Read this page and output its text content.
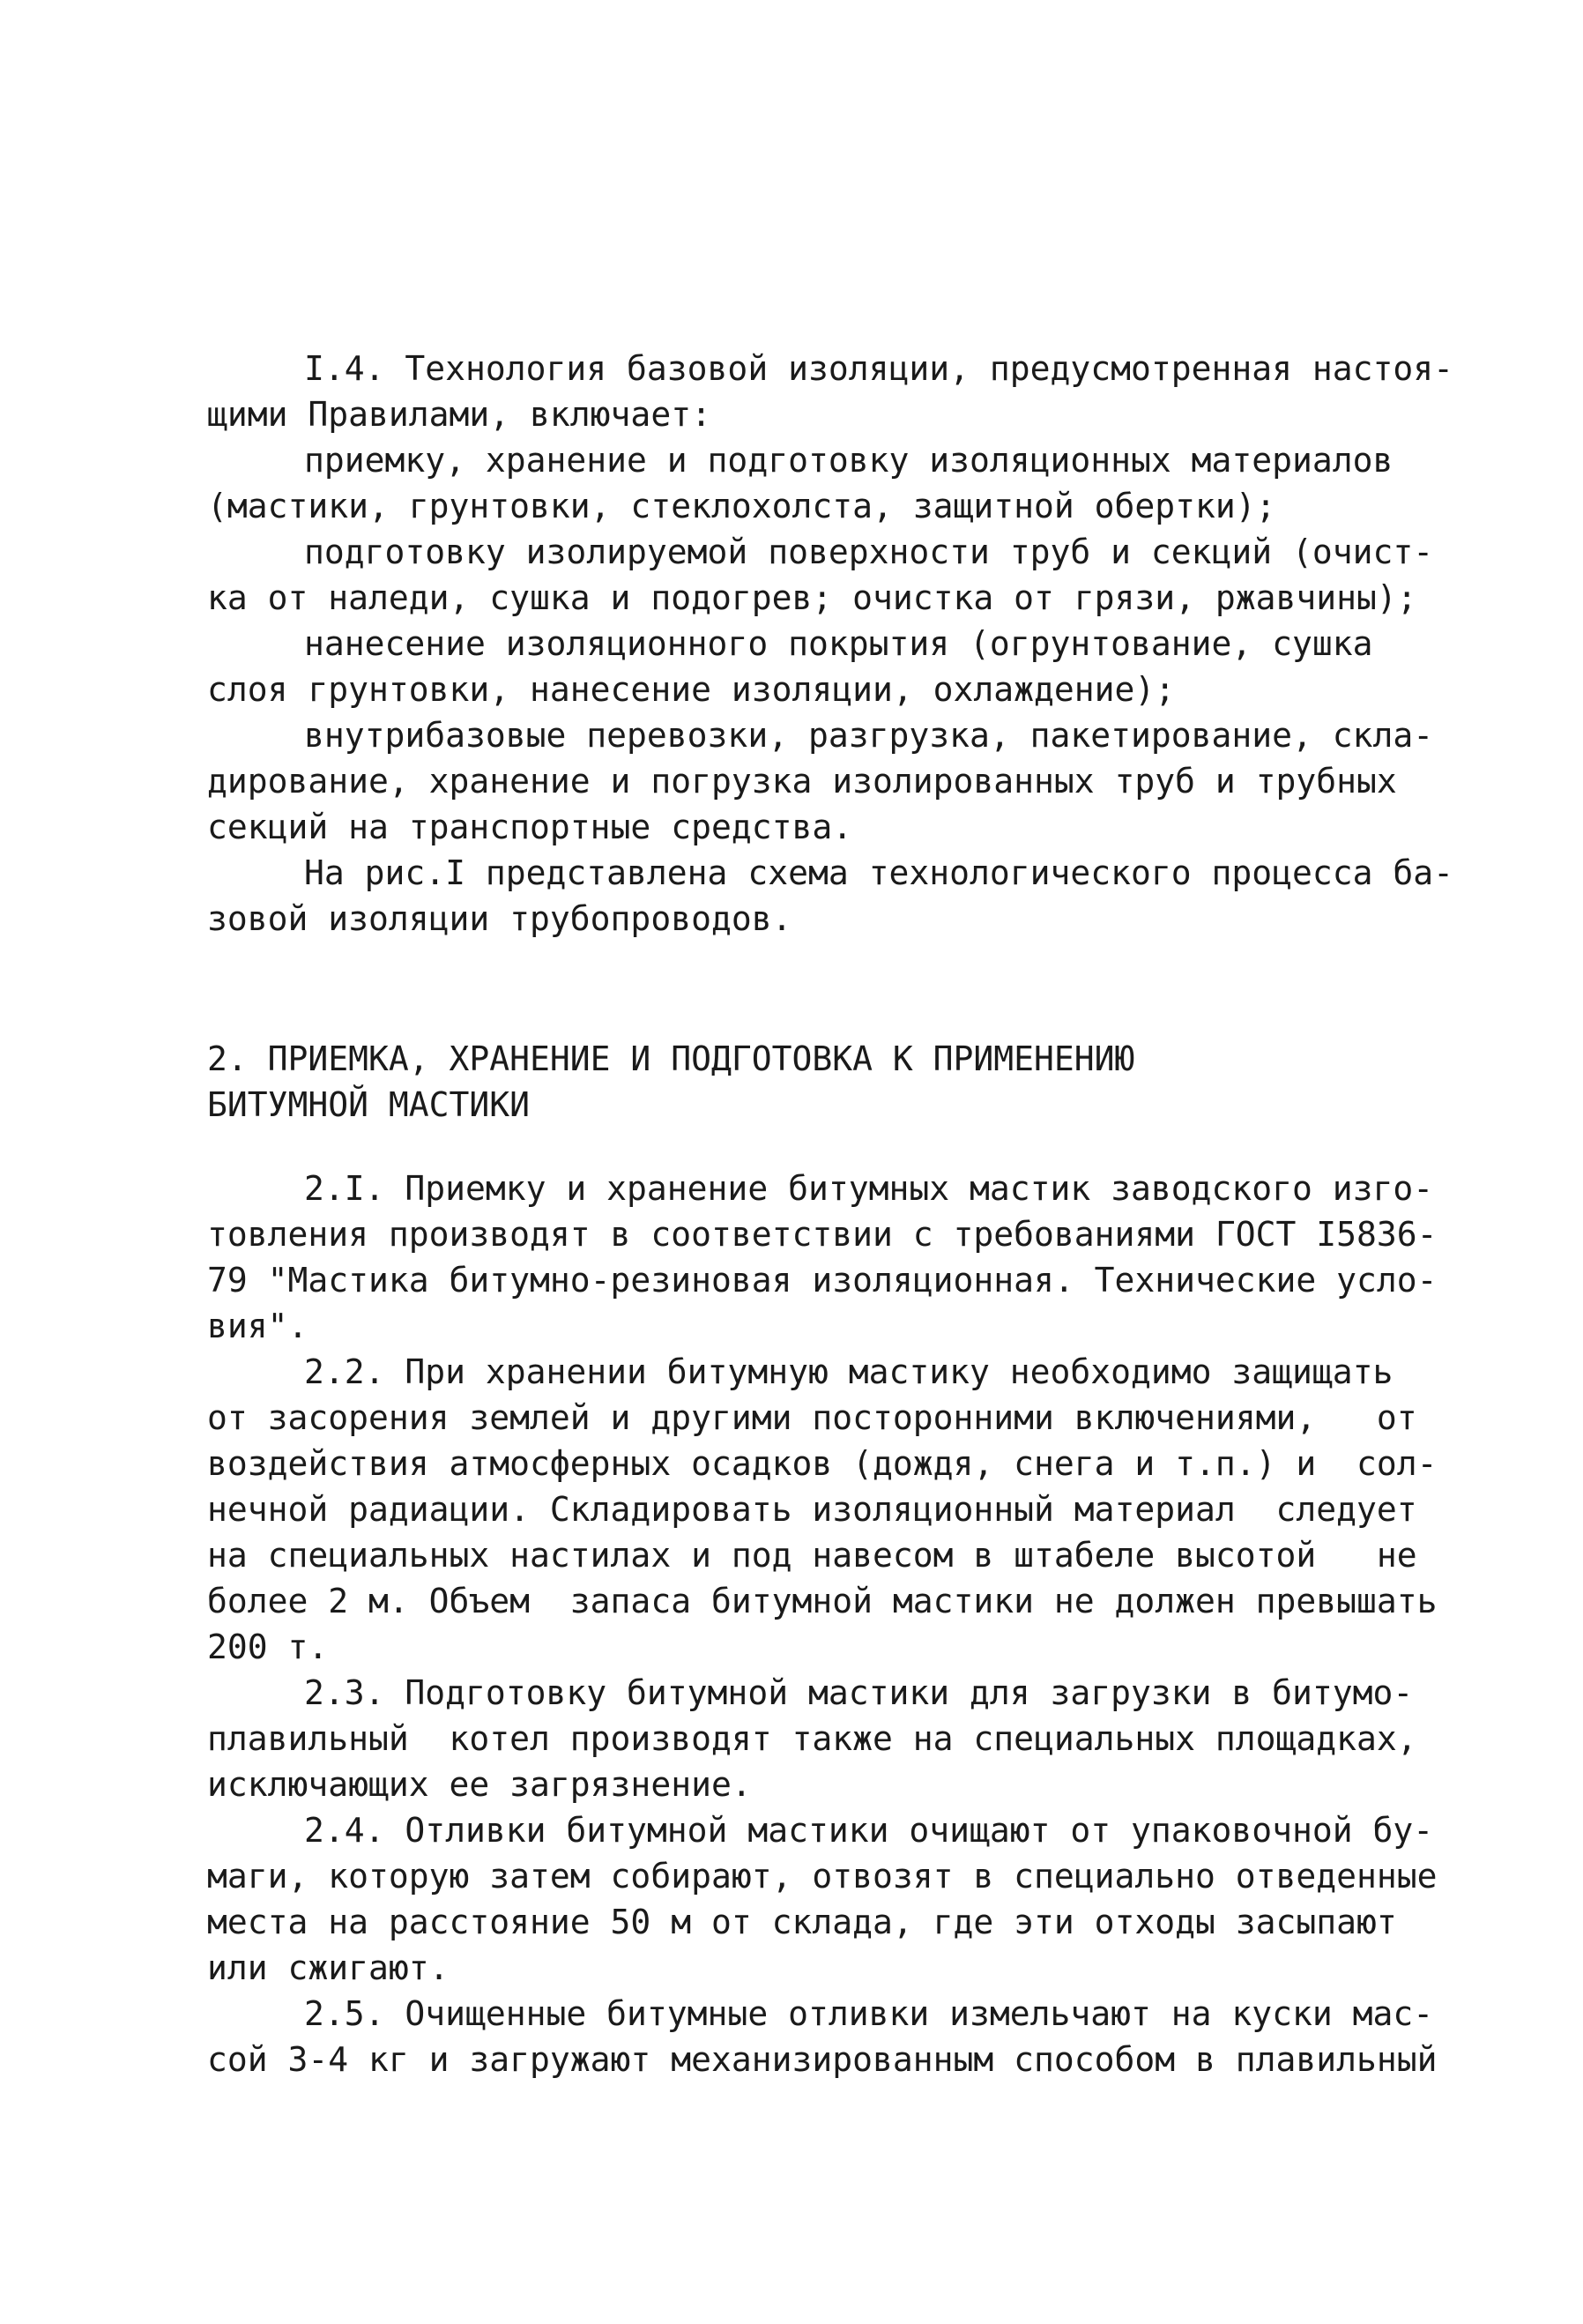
I.4. Технология базовой изоляции, предусмотренная настоя-
щими Правилами, включает:
приемку, хранение и подготовку изоляционных материалов
(мастики, грунтовки, стеклохолста, защитной обертки);
подготовку изолируемой поверхности труб и секций (очист-
ка от наледи, сушка и подогрев; очистка от грязи, ржавчины);
нанесение изоляционного покрытия (огрунтование, сушка
слоя грунтовки, нанесение изоляции, охлаждение);
внутрибазовые перевозки, разгрузка, пакетирование, скла-
дирование, хранение и погрузка изолированных труб и трубных
секций на транспортные средства.
На рис.I представлена схема технологического процесса ба-
зовой изоляции трубопроводов.
2. ПРИЕМКА, ХРАНЕНИЕ И ПОДГОТОВКА К ПРИМЕНЕНИЮ
БИТУМНОЙ МАСТИКИ
2.I. Приемку и хранение битумных мастик заводского изго-
товления производят в соответствии с требованиями ГОСТ I5836-
79 "Мастика битумно-резиновая изоляционная. Технические усло-
вия".
2.2. При хранении битумную мастику необходимо защищать
от засорения землей и другими посторонними включениями,   от
воздействия атмосферных осадков (дождя, снега и т.п.) и  сол-
нечной радиации. Складировать изоляционный материал  следует
на специальных настилах и под навесом в штабеле высотой   не
более 2 м. Объем  запаса битумной мастики не должен превышать
200 т.
2.3. Подготовку битумной мастики для загрузки в битумо-
плавильный  котел производят также на специальных площадках,
исключающих ее загрязнение.
2.4. Отливки битумной мастики очищают от упаковочной бу-
маги, которую затем собирают, отвозят в специально отведенные
места на расстояние 50 м от склада, где эти отходы засыпают
или сжигают.
2.5. Очищенные битумные отливки измельчают на куски мас-
сой 3-4 кг и загружают механизированным способом в плавильный
